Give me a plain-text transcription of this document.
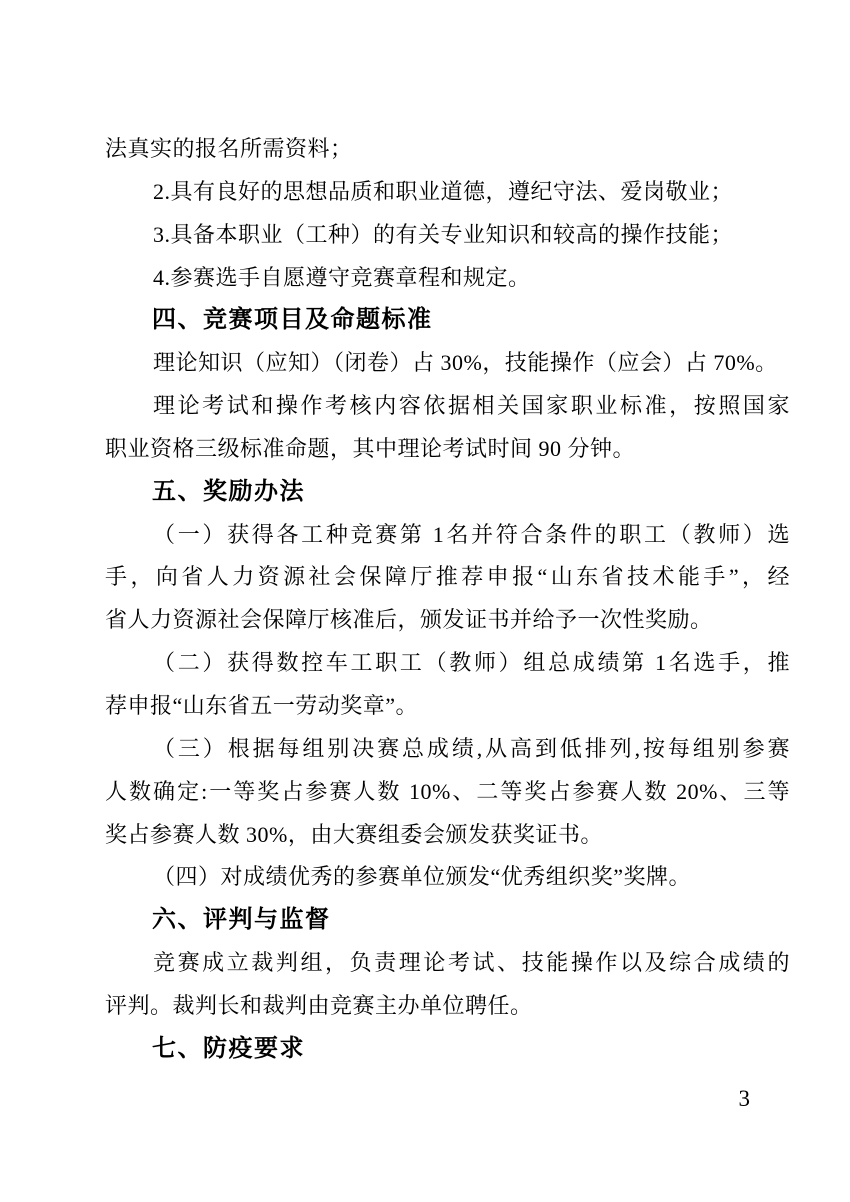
法真实的报名所需资料；
2.具有良好的思想品质和职业道德，遵纪守法、爱岗敬业；
3.具备本职业（工种）的有关专业知识和较高的操作技能；
4.参赛选手自愿遵守竞赛章程和规定。
四、竞赛项目及命题标准
理论知识（应知）（闭卷）占 30%，技能操作（应会）占 70%。
理论考试和操作考核内容依据相关国家职业标准，按照国家
职业资格三级标准命题，其中理论考试时间 90 分钟。
五、奖励办法
（一）获得各工种竞赛第 1名并符合条件的职工（教师）选
手，向省人力资源社会保障厅推荐申报“山东省技术能手”，经
省人力资源社会保障厅核准后，颁发证书并给予一次性奖励。
（二）获得数控车工职工（教师）组总成绩第 1名选手，推
荐申报“山东省五一劳动奖章”。
（三）根据每组别决赛总成绩,从高到低排列,按每组别参赛
人数确定:一等奖占参赛人数 10%、二等奖占参赛人数 20%、三等
奖占参赛人数 30%，由大赛组委会颁发获奖证书。
（四）对成绩优秀的参赛单位颁发“优秀组织奖”奖牌。
六、评判与监督
竞赛成立裁判组，负责理论考试、技能操作以及综合成绩的
评判。裁判长和裁判由竞赛主办单位聘任。
七、防疫要求
3
